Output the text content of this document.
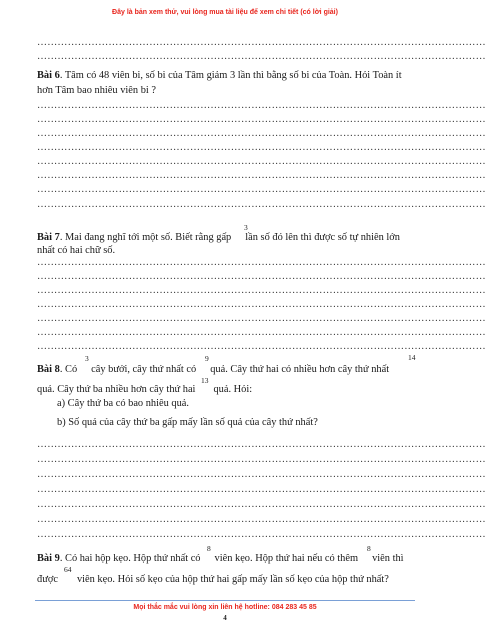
Đây là bản xem thử, vui lòng mua tài liệu để xem chi tiết (có lời giải)
……………………………………………………………………………………………………………………
……………………………………………………………………………………………………………………
Bài 6. Tâm có 48 viên bi, số bi của Tâm giảm 3 lần thì bằng số bi của Toàn. Hỏi Toàn ít
hơn Tâm bao nhiêu viên bi ?
……………………………………………………………………………………………………………………
……………………………………………………………………………………………………………………
……………………………………………………………………………………………………………………
……………………………………………………………………………………………………………………
……………………………………………………………………………………………………………………
……………………………………………………………………………………………………………………
……………………………………………………………………………………………………………………
……………………………………………………………………………………………………………………
3
Bài 7. Mai đang nghĩ tới một số. Biết rằng gấp lần số đó lên thì được số tự nhiên lớn
nhất có hai chữ số.
……………………………………………………………………………………………………………………
……………………………………………………………………………………………………………………
……………………………………………………………………………………………………………………
……………………………………………………………………………………………………………………
……………………………………………………………………………………………………………………
……………………………………………………………………………………………………………………
……………………………………………………………………………………………………………………
3	9	14
Bài 8. Có cây bưởi, cây thứ nhất có quả. Cây thứ hai có nhiều hơn cây thứ nhất
13
quả. Cây thứ ba nhiều hơn cây thứ hai quả. Hỏi:
a) Cây thứ ba có bao nhiêu quả.
b) Số quả của cây thứ ba gấp mấy lần số quả của cây thứ nhất?
……………………………………………………………………………………………………………………
……………………………………………………………………………………………………………………
……………………………………………………………………………………………………………………
……………………………………………………………………………………………………………………
……………………………………………………………………………………………………………………
……………………………………………………………………………………………………………………
……………………………………………………………………………………………………………………
8	8
Bài 9. Có hai hộp kẹo. Hộp thứ nhất có viên kẹo. Hộp thứ hai nếu có thêm viên thì
64
được viên kẹo. Hỏi số kẹo của hộp thứ hai gấp mấy lần số kẹo của hộp thứ nhất?
Mọi thắc mắc vui lòng xin liên hệ hotline: 084 283 45 85
4
